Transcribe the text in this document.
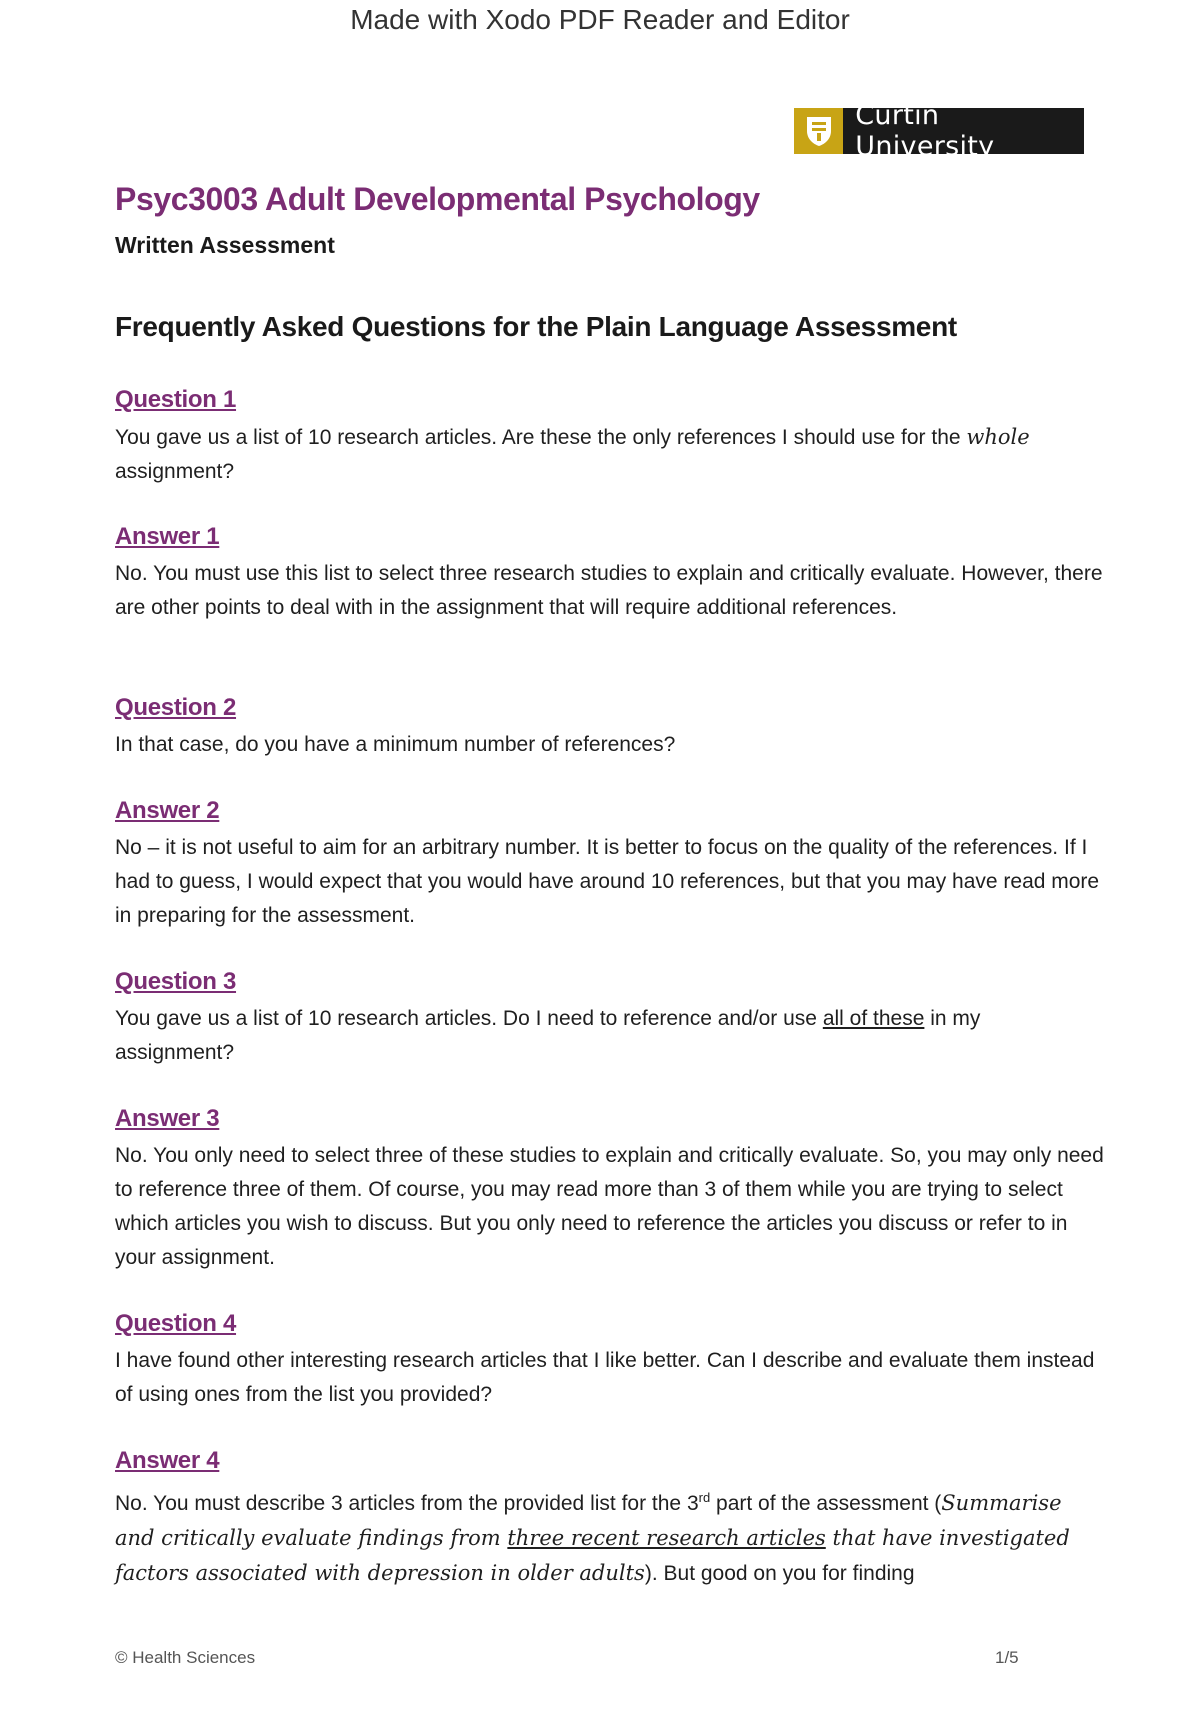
Made with Xodo PDF Reader and Editor
Curtin University
Psyc3003 Adult Developmental Psychology
Written Assessment
Frequently Asked Questions for the Plain Language Assessment
Question 1
You gave us a list of 10 research articles. Are these the only references I should use for the whole assignment?
Answer 1
No. You must use this list to select three research studies to explain and critically evaluate. However, there are other points to deal with in the assignment that will require additional references.
Question 2
In that case, do you have a minimum number of references?
Answer 2
No – it is not useful to aim for an arbitrary number. It is better to focus on the quality of the references. If I had to guess, I would expect that you would have around 10 references, but that you may have read more in preparing for the assessment.
Question 3
You gave us a list of 10 research articles. Do I need to reference and/or use all of these in my assignment?
Answer 3
No. You only need to select three of these studies to explain and critically evaluate. So, you may only need to reference three of them. Of course, you may read more than 3 of them while you are trying to select which articles you wish to discuss. But you only need to reference the articles you discuss or refer to in your assignment.
Question 4
I have found other interesting research articles that I like better. Can I describe and evaluate them instead of using ones from the list you provided?
Answer 4
No. You must describe 3 articles from the provided list for the 3rd part of the assessment (Summarise and critically evaluate findings from three recent research articles that have investigated factors associated with depression in older adults). But good on you for finding
© Health Sciences	1/5
